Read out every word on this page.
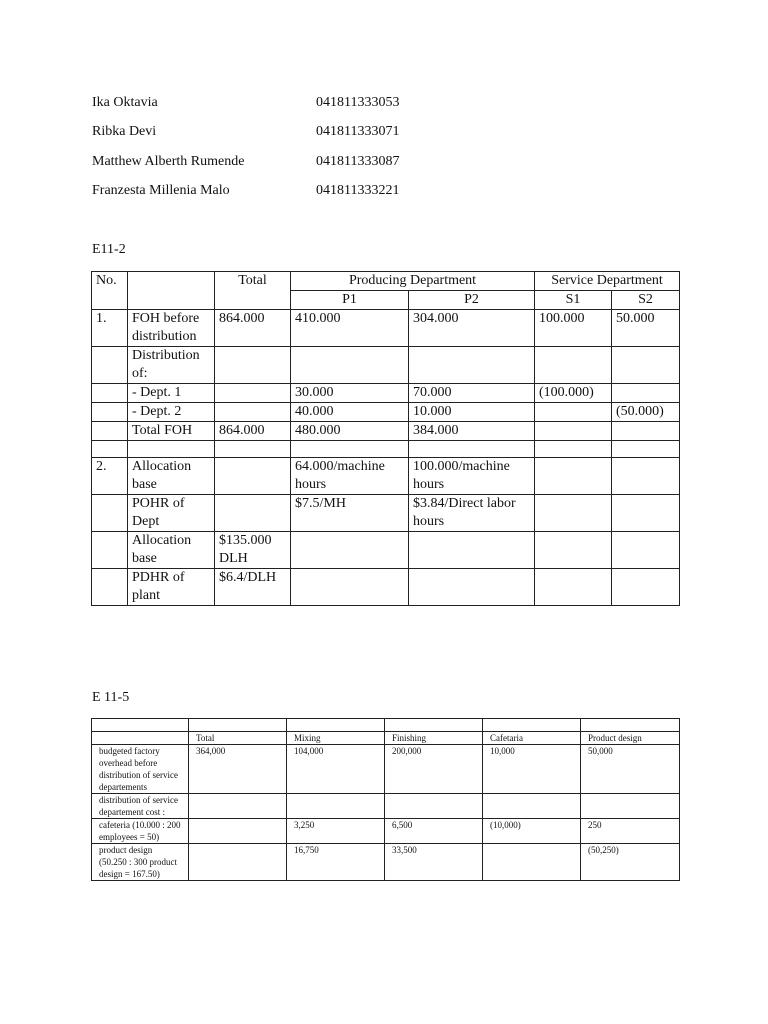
Ika Oktavia	041811333053
Ribka Devi	041811333071
Matthew Alberth Rumende	041811333087
Franzesta Millenia Malo	041811333221
E11-2
No.		Total	Producing Department		Service Department	
			P1	P2	S1	S2
1.	FOH before distribution	864.000	410.000	304.000	100.000	50.000
	Distribution of:					
	- Dept. 1		30.000	70.000	(100.000)	
	- Dept. 2		40.000	10.000		(50.000)
	Total FOH	864.000	480.000	384.000		

2.	Allocation base		64.000/machine hours	100.000/machine hours		
	POHR of Dept		$7.5/MH	$3.84/Direct labor hours		
	Allocation base	$135.000 DLH				
	PDHR of plant	$6.4/DLH				
E 11-5

	Total	Mixing	Finishing	Cafetaria	Product design
budgeted factory overhead before distribution of service departements	364,000	104,000	200,000	10,000	50,000
distribution of service departement cost :					
cafeteria (10.000 : 200 employees = 50)		3,250	6,500	(10,000)	250
product design (50.250 : 300 product design = 167.50)		16,750	33,500		(50,250)
